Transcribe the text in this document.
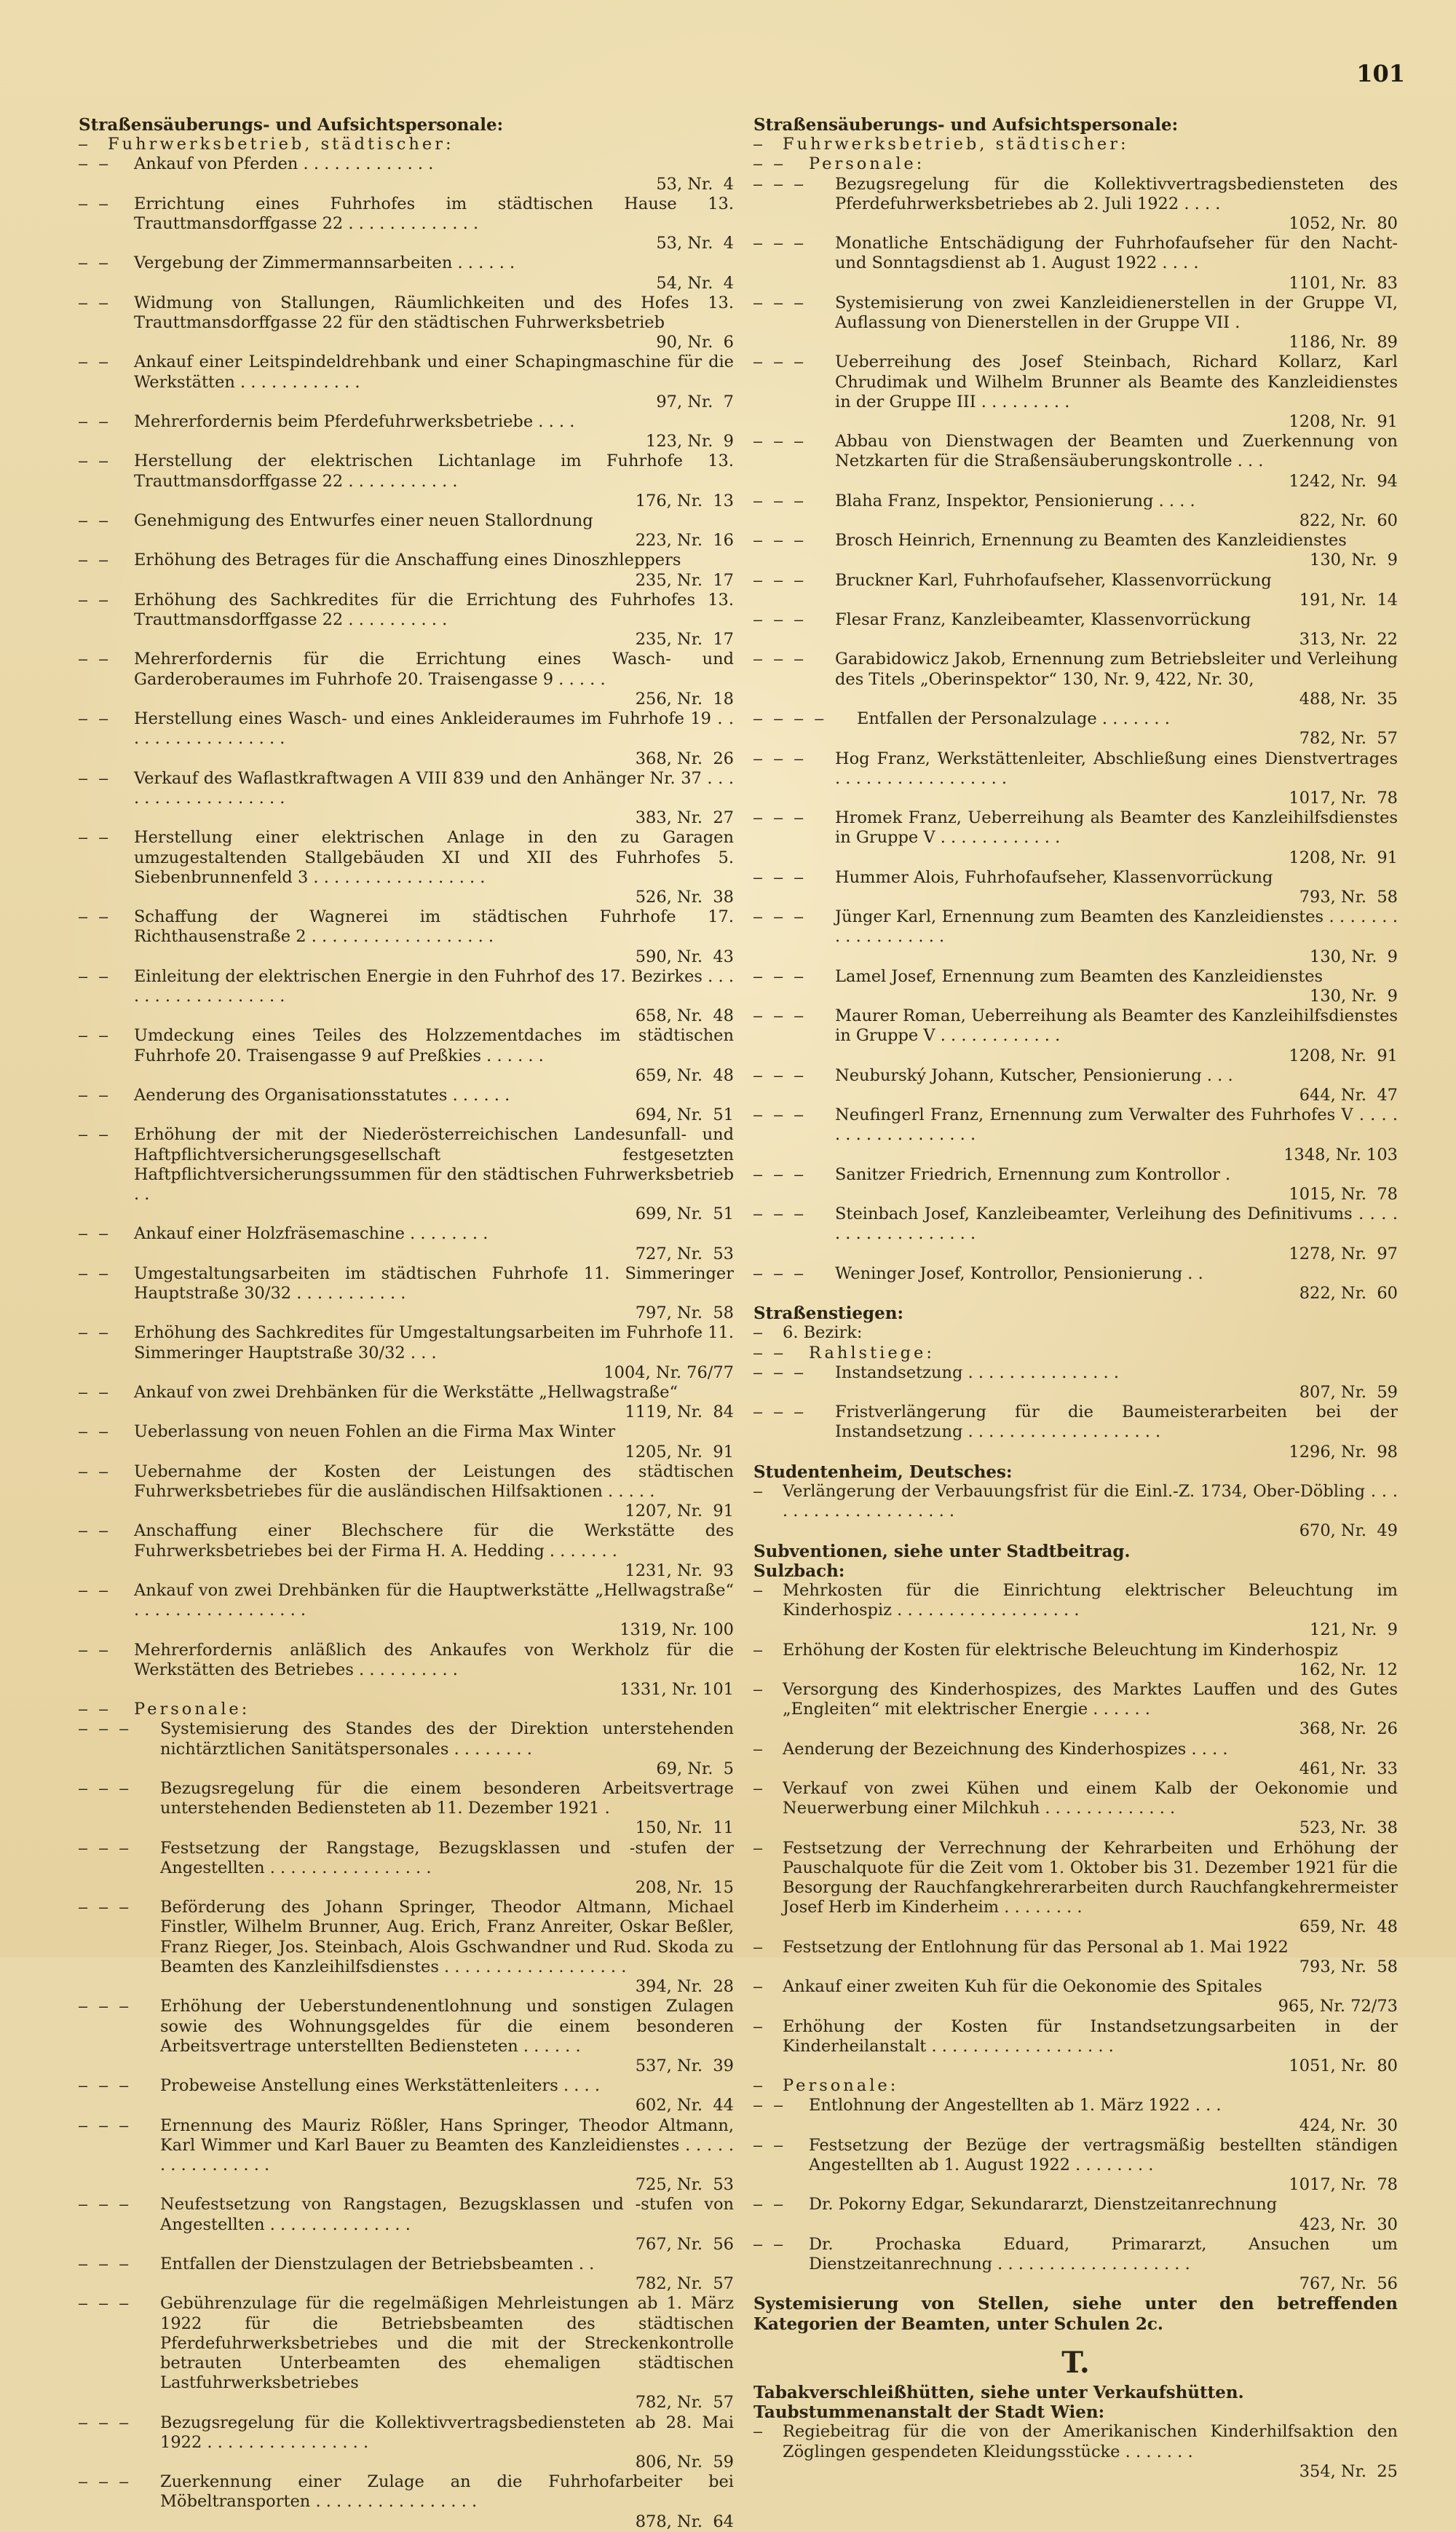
101
Straßensäuberungs- und Aufsichtspersonale:
— Fuhrwerksbetrieb, städtischer:
— — Ankauf von Pferden . . . . . . . . . . . . .
53, Nr.  4
— — Errichtung eines Fuhrhofes im städtischen Hause 13. Trauttmansdorffgasse 22 . . . . . . . . . . . . .
53, Nr.  4
— — Vergebung der Zimmermannsarbeiten . . . . . .
54, Nr.  4
— — Widmung von Stallungen, Räumlichkeiten und des Hofes 13. Trauttmansdorffgasse 22 für den städtischen Fuhrwerksbetrieb
90, Nr.  6
— — Ankauf einer Leitspindeldrehbank und einer Schapingmaschine für die Werkstätten . . . . . . . . . . . .
97, Nr.  7
— — Mehrerfordernis beim Pferdefuhrwerksbetriebe . . . .
123, Nr.  9
— — Herstellung der elektrischen Lichtanlage im Fuhrhofe 13. Trauttmansdorffgasse 22 . . . . . . . . . . .
176, Nr.  13
— — Genehmigung des Entwurfes einer neuen Stallordnung
223, Nr.  16
— — Erhöhung des Betrages für die Anschaffung eines Dinoszhleppers
235, Nr.  17
— — Erhöhung des Sachkredites für die Errichtung des Fuhrhofes 13. Trauttmansdorffgasse 22 . . . . . . . . . .
235, Nr.  17
— — Mehrerfordernis für die Errichtung eines Wasch- und Garderoberaumes im Fuhrhofe 20. Traisengasse 9 . . . . .
256, Nr.  18
— — Herstellung eines Wasch- und eines Ankleideraumes im Fuhrhofe 19 . . . . . . . . . . . . . . . . .
368, Nr.  26
— — Verkauf des Waflastkraftwagen A VIII 839 und den Anhänger Nr. 37 . . . . . . . . . . . . . . . . . .
383, Nr.  27
— — Herstellung einer elektrischen Anlage in den zu Garagen umzugestaltenden Stallgebäuden XI und XII des Fuhrhofes 5. Siebenbrunnenfeld 3 . . . . . . . . . . . . . . . . .
526, Nr.  38
— — Schaffung der Wagnerei im städtischen Fuhrhofe 17. Richthausenstraße 2 . . . . . . . . . . . . . . . . . .
590, Nr.  43
— — Einleitung der elektrischen Energie in den Fuhrhof des 17. Bezirkes . . . . . . . . . . . . . . . . . .
658, Nr.  48
— — Umdeckung eines Teiles des Holzzementdaches im städtischen Fuhrhofe 20. Traisengasse 9 auf Preßkies . . . . . .
659, Nr.  48
— — Aenderung des Organisationsstatutes . . . . . .
694, Nr.  51
— — Erhöhung der mit der Niederösterreichischen Landesunfall- und Haftpflichtversicherungsgesellschaft festgesetzten Haftpflichtversicherungssummen für den städtischen Fuhrwerksbetrieb . .
699, Nr.  51
— — Ankauf einer Holzfräsemaschine . . . . . . . .
727, Nr.  53
— — Umgestaltungsarbeiten im städtischen Fuhrhofe 11. Simmeringer Hauptstraße 30/32 . . . . . . . . . . .
797, Nr.  58
— — Erhöhung des Sachkredites für Umgestaltungsarbeiten im Fuhrhofe 11. Simmeringer Hauptstraße 30/32 . . .
1004, Nr. 76/77
— — Ankauf von zwei Drehbänken für die Werkstätte „Hellwagstraße“
1119, Nr.  84
— — Ueberlassung von neuen Fohlen an die Firma Max Winter
1205, Nr.  91
— — Uebernahme der Kosten der Leistungen des städtischen Fuhrwerksbetriebes für die ausländischen Hilfsaktionen . . . . .
1207, Nr.  91
— — Anschaffung einer Blechschere für die Werkstätte des Fuhrwerksbetriebes bei der Firma H. A. Hedding . . . . . . .
1231, Nr.  93
— — Ankauf von zwei Drehbänken für die Hauptwerkstätte „Hellwagstraße“ . . . . . . . . . . . . . . . . .
1319, Nr. 100
— — Mehrerfordernis anläßlich des Ankaufes von Werkholz für die Werkstätten des Betriebes . . . . . . . . . .
1331, Nr. 101
— — Personale:
— — — Systemisierung des Standes des der Direktion unterstehenden nichtärztlichen Sanitätspersonales . . . . . . . .
69, Nr.  5
— — — Bezugsregelung für die einem besonderen Arbeitsvertrage unterstehenden Bediensteten ab 11. Dezember 1921 .
150, Nr.  11
— — — Festsetzung der Rangstage, Bezugsklassen und -stufen der Angestellten . . . . . . . . . . . . . . . .
208, Nr.  15
— — — Beförderung des Johann Springer, Theodor Altmann, Michael Finstler, Wilhelm Brunner, Aug. Erich, Franz Anreiter, Oskar Beßler, Franz Rieger, Jos. Steinbach, Alois Gschwandner und Rud. Skoda zu Beamten des Kanzleihilfsdienstes . . . . . . . . . . . . . . . . . .
394, Nr.  28
— — — Erhöhung der Ueberstundenentlohnung und sonstigen Zulagen sowie des Wohnungsgeldes für die einem besonderen Arbeitsvertrage unterstellten Bediensteten . . . . . .
537, Nr.  39
— — — Probeweise Anstellung eines Werkstättenleiters . . . .
602, Nr.  44
— — — Ernennung des Mauriz Rößler, Hans Springer, Theodor Altmann, Karl Wimmer und Karl Bauer zu Beamten des Kanzleidienstes . . . . . . . . . . . . . . . .
725, Nr.  53
— — — Neufestsetzung von Rangstagen, Bezugsklassen und -stufen von Angestellten . . . . . . . . . . . . . .
767, Nr.  56
— — — Entfallen der Dienstzulagen der Betriebsbeamten . .
782, Nr.  57
— — — Gebührenzulage für die regelmäßigen Mehrleistungen ab 1. März 1922 für die Betriebsbeamten des städtischen Pferdefuhrwerksbetriebes und die mit der Streckenkontrolle betrauten Unterbeamten des ehemaligen städtischen Lastfuhrwerksbetriebes
782, Nr.  57
— — — Bezugsregelung für die Kollektivvertragsbediensteten ab 28. Mai 1922 . . . . . . . . . . . . . . . .
806, Nr.  59
— — — Zuerkennung einer Zulage an die Fuhrhofarbeiter bei Möbeltransporten . . . . . . . . . . . . . . . .
878, Nr.  64
Straßensäuberungs- und Aufsichtspersonale:
— Fuhrwerksbetrieb, städtischer:
— — Personale:
— — — Bezugsregelung für die Kollektivvertragsbediensteten des Pferdefuhrwerksbetriebes ab 2. Juli 1922 . . . .
1052, Nr.  80
— — — Monatliche Entschädigung der Fuhrhofaufseher für den Nacht- und Sonntagsdienst ab 1. August 1922 . . . .
1101, Nr.  83
— — — Systemisierung von zwei Kanzleidienerstellen in der Gruppe VI, Auflassung von Dienerstellen in der Gruppe VII .
1186, Nr.  89
— — — Ueberreihung des Josef Steinbach, Richard Kollarz, Karl Chrudimak und Wilhelm Brunner als Beamte des Kanzleidienstes in der Gruppe III . . . . . . . . .
1208, Nr.  91
— — — Abbau von Dienstwagen der Beamten und Zuerkennung von Netzkarten für die Straßensäuberungskontrolle . . .
1242, Nr.  94
— — — Blaha Franz, Inspektor, Pensionierung . . . .
822, Nr.  60
— — — Brosch Heinrich, Ernennung zu Beamten des Kanzleidienstes
130, Nr.  9
— — — Bruckner Karl, Fuhrhofaufseher, Klassenvorrückung
191, Nr.  14
— — — Flesar Franz, Kanzleibeamter, Klassenvorrückung
313, Nr.  22
— — — Garabidowicz Jakob, Ernennung zum Betriebsleiter und Verleihung des Titels „Oberinspektor“ 130, Nr. 9, 422, Nr. 30,
488, Nr.  35
— — — — Entfallen der Personalzulage . . . . . . .
782, Nr.  57
— — — Hog Franz, Werkstättenleiter, Abschließung eines Dienstvertrages . . . . . . . . . . . . . . . . .
1017, Nr.  78
— — — Hromek Franz, Ueberreihung als Beamter des Kanzleihilfsdienstes in Gruppe V . . . . . . . . . . . .
1208, Nr.  91
— — — Hummer Alois, Fuhrhofaufseher, Klassenvorrückung
793, Nr.  58
— — — Jünger Karl, Ernennung zum Beamten des Kanzleidienstes . . . . . . . . . . . . . . . . . .
130, Nr.  9
— — — Lamel Josef, Ernennung zum Beamten des Kanzleidienstes
130, Nr.  9
— — — Maurer Roman, Ueberreihung als Beamter des Kanzleihilfsdienstes in Gruppe V . . . . . . . . . . . .
1208, Nr.  91
— — — Neuburský Johann, Kutscher, Pensionierung . . .
644, Nr.  47
— — — Neufingerl Franz, Ernennung zum Verwalter des Fuhrhofes V . . . . . . . . . . . . . . . . . .
1348, Nr. 103
— — — Sanitzer Friedrich, Ernennung zum Kontrollor .
1015, Nr.  78
— — — Steinbach Josef, Kanzleibeamter, Verleihung des Definitivums . . . . . . . . . . . . . . . . . .
1278, Nr.  97
— — — Weninger Josef, Kontrollor, Pensionierung . .
822, Nr.  60
Straßenstiegen:
— 6. Bezirk:
— — Rahlstiege:
— — — Instandsetzung . . . . . . . . . . . . . . .
807, Nr.  59
— — — Fristverlängerung für die Baumeisterarbeiten bei der Instandsetzung . . . . . . . . . . . . . . . . . . .
1296, Nr.  98
Studentenheim, Deutsches:
— Verlängerung der Verbauungsfrist für die Einl.-Z. 1734, Ober-Döbling . . . . . . . . . . . . . . . . . . . .
670, Nr.  49
Subventionen, siehe unter Stadtbeitrag.
Sulzbach:
— Mehrkosten für die Einrichtung elektrischer Beleuchtung im Kinderhospiz . . . . . . . . . . . . . . . . . .
121, Nr.  9
— Erhöhung der Kosten für elektrische Beleuchtung im Kinderhospiz
162, Nr.  12
— Versorgung des Kinderhospizes, des Marktes Lauffen und des Gutes „Engleiten“ mit elektrischer Energie . . . . . .
368, Nr.  26
— Aenderung der Bezeichnung des Kinderhospizes . . . .
461, Nr.  33
— Verkauf von zwei Kühen und einem Kalb der Oekonomie und Neuerwerbung einer Milchkuh . . . . . . . . . . . . .
523, Nr.  38
— Festsetzung der Verrechnung der Kehrarbeiten und Erhöhung der Pauschalquote für die Zeit vom 1. Oktober bis 31. Dezember 1921 für die Besorgung der Rauchfangkehrerarbeiten durch Rauchfangkehrermeister Josef Herb im Kinderheim . . . . . . . .
659, Nr.  48
— Festsetzung der Entlohnung für das Personal ab 1. Mai 1922
793, Nr.  58
— Ankauf einer zweiten Kuh für die Oekonomie des Spitales
965, Nr. 72/73
— Erhöhung der Kosten für Instandsetzungsarbeiten in der Kinderheilanstalt . . . . . . . . . . . . . . . . . .
1051, Nr.  80
— Personale:
— — Entlohnung der Angestellten ab 1. März 1922 . . .
424, Nr.  30
— — Festsetzung der Bezüge der vertragsmäßig bestellten ständigen Angestellten ab 1. August 1922 . . . . . . . .
1017, Nr.  78
— — Dr. Pokorny Edgar, Sekundararzt, Dienstzeitanrechnung
423, Nr.  30
— — Dr. Prochaska Eduard, Primararzt, Ansuchen um Dienstzeitanrechnung . . . . . . . . . . . . . . . . . . .
767, Nr.  56
Systemisierung von Stellen, siehe unter den betreffenden Kategorien der Beamten, unter Schulen 2c.
T.
Tabakverschleißhütten, siehe unter Verkaufshütten.
Taubstummenanstalt der Stadt Wien:
— Regiebeitrag für die von der Amerikanischen Kinderhilfsaktion den Zöglingen gespendeten Kleidungsstücke . . . . . . .
354, Nr.  25
